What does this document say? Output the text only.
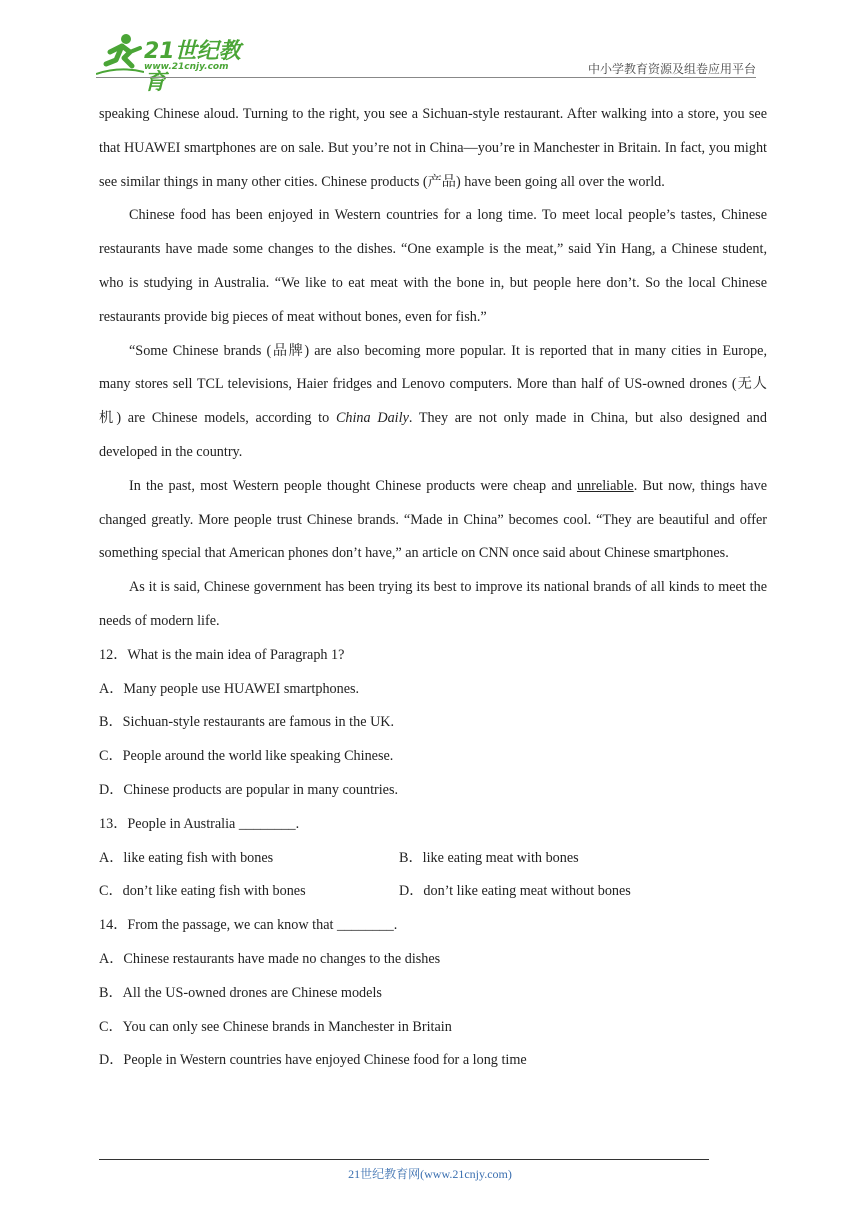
21世纪教育
www.21cnjy.com	中小学教育资源及组卷应用平台

speaking Chinese aloud. Turning to the right, you see a Sichuan-style restaurant. After walking into a store, you see that HUAWEI smartphones are on sale. But you’re not in China—you’re in Manchester in Britain. In fact, you might see similar things in many other cities. Chinese products (产品) have been going all over the world.

Chinese food has been enjoyed in Western countries for a long time. To meet local people’s tastes, Chinese restaurants have made some changes to the dishes. “One example is the meat,” said Yin Hang, a Chinese student, who is studying in Australia. “We like to eat meat with the bone in, but people here don’t. So the local Chinese restaurants provide big pieces of meat without bones, even for fish.”

“Some Chinese brands (品牌) are also becoming more popular. It is reported that in many cities in Europe, many stores sell TCL televisions, Haier fridges and Lenovo computers. More than half of US-owned drones (无人机) are Chinese models, according to China Daily. They are not only made in China, but also designed and developed in the country.

In the past, most Western people thought Chinese products were cheap and unreliable. But now, things have changed greatly. More people trust Chinese brands. “Made in China” becomes cool. “They are beautiful and offer something special that American phones don’t have,” an article on CNN once said about Chinese smartphones.

As it is said, Chinese government has been trying its best to improve its national brands of all kinds to meet the needs of modern life.

12．What is the main idea of Paragraph 1?

A．Many people use HUAWEI smartphones.

B．Sichuan-style restaurants are famous in the UK.

C．People around the world like speaking Chinese.

D．Chinese products are popular in many countries.

13．People in Australia ________.

A．like eating fish with bones	B．like eating meat with bones
C．don’t like eating fish with bones	D．don’t like eating meat without bones

14．From the passage, we can know that ________.

A．Chinese restaurants have made no changes to the dishes

B．All the US-owned drones are Chinese models

C．You can only see Chinese brands in Manchester in Britain

D．People in Western countries have enjoyed Chinese food for a long time

21世纪教育网(www.21cnjy.com)
